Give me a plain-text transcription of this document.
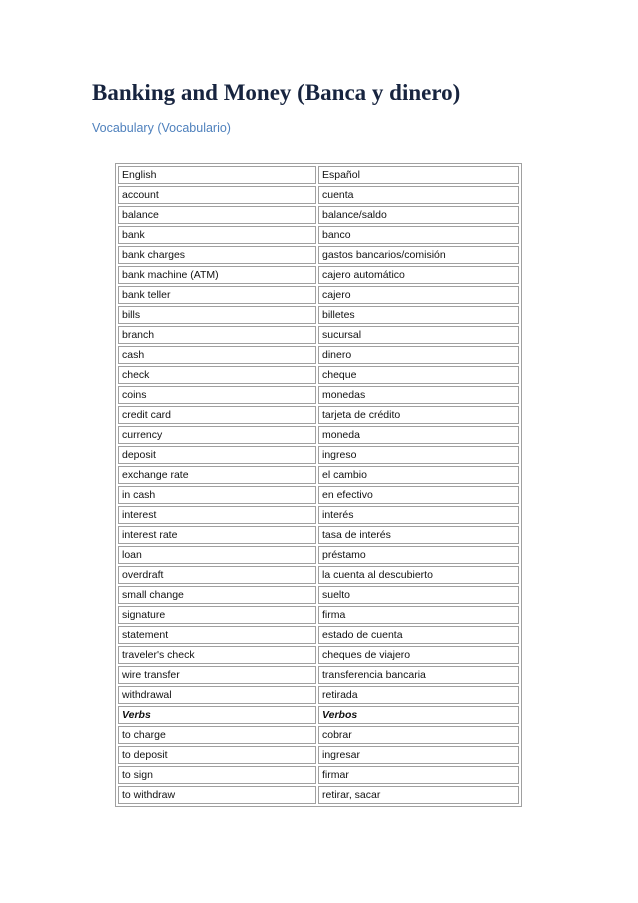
Banking and Money (Banca y dinero)

Vocabulary (Vocabulario)

English	Español
account	cuenta
balance	balance/saldo
bank	banco
bank charges	gastos bancarios/comisión
bank machine (ATM)	cajero automático
bank teller	cajero
bills	billetes
branch	sucursal
cash	dinero
check	cheque
coins	monedas
credit card	tarjeta de crédito
currency	moneda
deposit	ingreso
exchange rate	el cambio
in cash	en efectivo
interest	interés
interest rate	tasa de interés
loan	préstamo
overdraft	la cuenta al descubierto
small change	suelto
signature	firma
statement	estado de cuenta
traveler's check	cheques de viajero
wire transfer	transferencia bancaria
withdrawal	retirada
Verbs	Verbos
to charge	cobrar
to deposit	ingresar
to sign	firmar
to withdraw	retirar, sacar
